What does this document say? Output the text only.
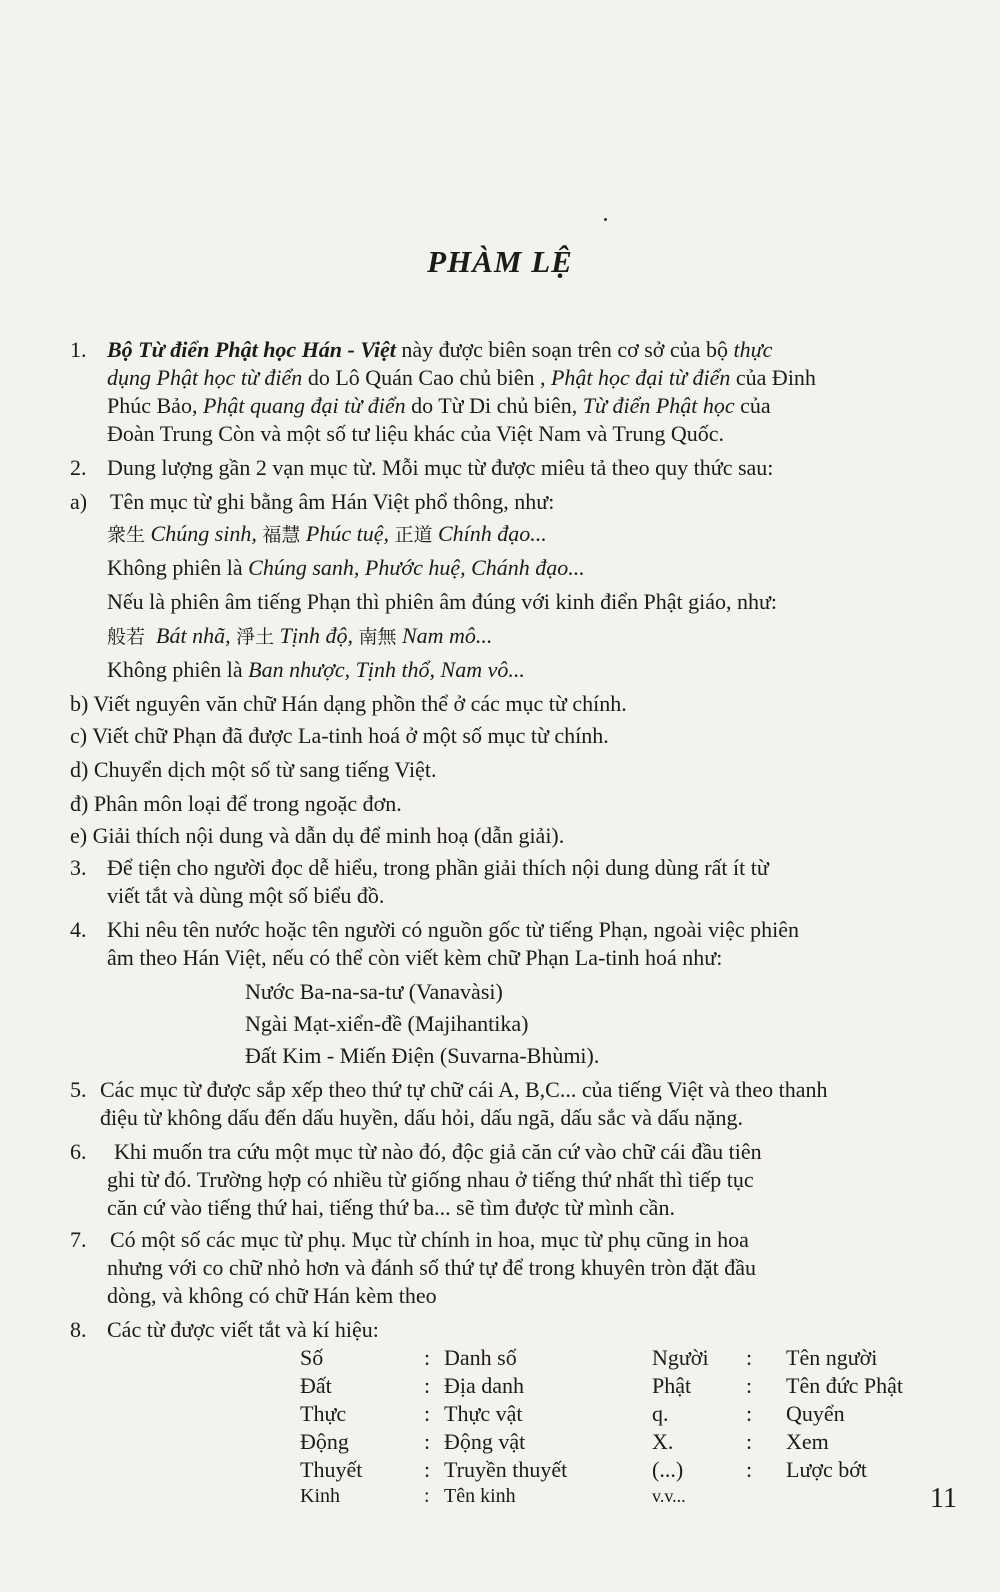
PHÀM LỆ
1. Bộ Từ điển Phật học Hán - Việt này được biên soạn trên cơ sở của bộ thực
dụng Phật học từ điển do Lô Quán Cao chủ biên , Phật học đại từ điển của Đinh
Phúc Bảo, Phật quang đại từ điển do Từ Di chủ biên, Từ điển Phật học của
Đoàn Trung Còn và một số tư liệu khác của Việt Nam và Trung Quốc.
2. Dung lượng gần 2 vạn mục từ. Mỗi mục từ được miêu tả theo quy thức sau:
a) Tên mục từ ghi bằng âm Hán Việt phổ thông, như:
衆生 Chúng sinh, 福慧 Phúc tuệ, 正道 Chính đạo...
Không phiên là Chúng sanh, Phước huệ, Chánh đạo...
Nếu là phiên âm tiếng Phạn thì phiên âm đúng với kinh điển Phật giáo, như:
般若 Bát nhã, 淨土 Tịnh độ, 南無 Nam mô...
Không phiên là Ban nhược, Tịnh thổ, Nam vô...
b) Viết nguyên văn chữ Hán dạng phồn thể ở các mục từ chính.
c) Viết chữ Phạn đã được La-tinh hoá ở một số mục từ chính.
d) Chuyển dịch một số từ sang tiếng Việt.
đ) Phân môn loại để trong ngoặc đơn.
e) Giải thích nội dung và dẫn dụ để minh hoạ (dẫn giải).
3. Để tiện cho người đọc dễ hiểu, trong phần giải thích nội dung dùng rất ít từ
viết tắt và dùng một số biểu đồ.
4. Khi nêu tên nước hoặc tên người có nguồn gốc từ tiếng Phạn, ngoài việc phiên
âm theo Hán Việt, nếu có thể còn viết kèm chữ Phạn La-tinh hoá như:
Nước Ba-na-sa-tư (Vanavàsi)
Ngài Mạt-xiển-đề (Majihantika)
Đất Kim - Miến Điện (Suvarna-Bhùmi).
5. Các mục từ được sắp xếp theo thứ tự chữ cái A, B,C... của tiếng Việt và theo thanh
điệu từ không dấu đến dấu huyền, dấu hỏi, dấu ngã, dấu sắc và dấu nặng.
6. Khi muốn tra cứu một mục từ nào đó, độc giả căn cứ vào chữ cái đầu tiên
ghi từ đó. Trường hợp có nhiều từ giống nhau ở tiếng thứ nhất thì tiếp tục
căn cứ vào tiếng thứ hai, tiếng thứ ba... sẽ tìm được từ mình cần.
7. Có một số các mục từ phụ. Mục từ chính in hoa, mục từ phụ cũng in hoa
nhưng với co chữ nhỏ hơn và đánh số thứ tự để trong khuyên tròn đặt đầu
dòng, và không có chữ Hán kèm theo
8. Các từ được viết tắt và kí hiệu:
Số	: Danh số	Người : Tên người
Đất	: Địa danh	Phật : Tên đức Phật
Thực	: Thực vật	q.	: Quyển
Động	: Động vật	X.	: Xem
Thuyết	: Truyền thuyết	(...)	: Lược bớt
Kinh	: Tên kinh	v.v...	11
